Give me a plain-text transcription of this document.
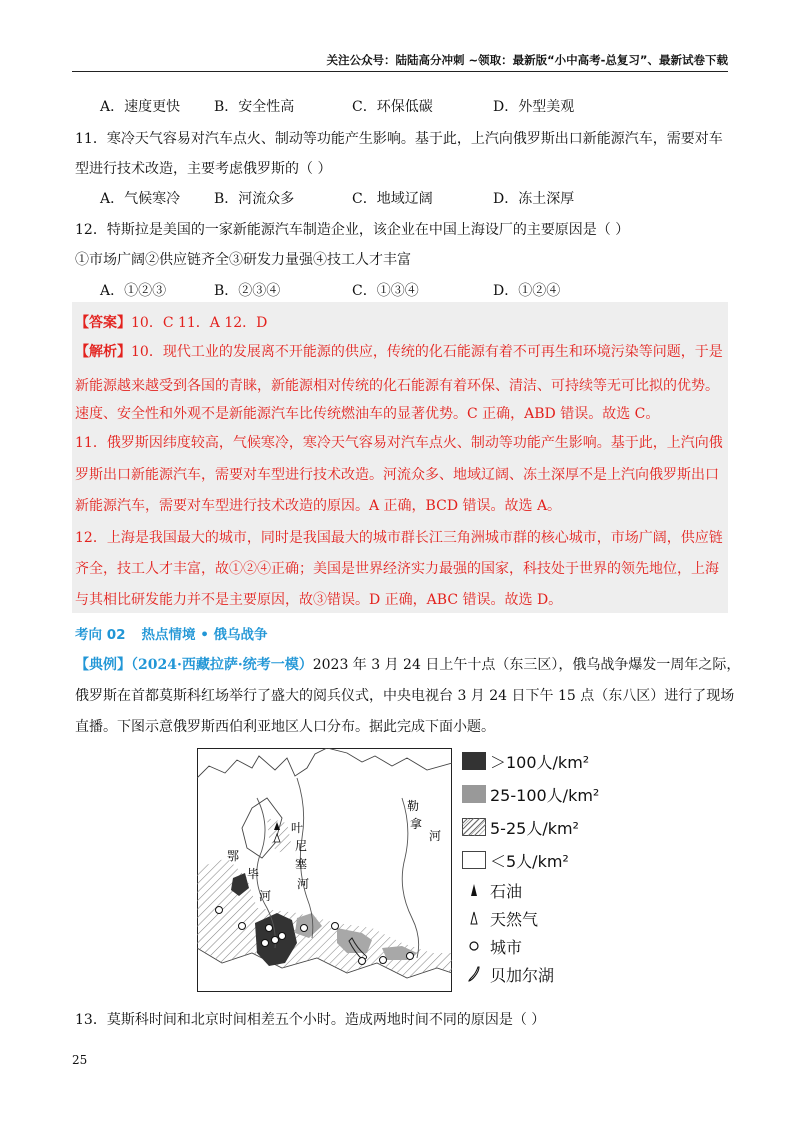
关注公众号：陆陆高分冲刺 ~领取：最新版“小中高考-总复习”、最新试卷下载
A．速度更快 B．安全性高	C．环保低碳	D．外型美观
11．寒冷天气容易对汽车点火、制动等功能产生影响。基于此，上汽向俄罗斯出口新能源汽车，需要对车
型进行技术改造，主要考虑俄罗斯的（ ）
A．气候寒冷 B．河流众多	C．地域辽阔	D．冻土深厚
12．特斯拉是美国的一家新能源汽车制造企业，该企业在中国上海设厂的主要原因是（ ）
①市场广阔②供应链齐全③研发力量强④技工人才丰富
A．①②③	B．②③④	C．①③④	D．①②④
【答案】10．C 11．A 12．D
【解析】10．现代工业的发展离不开能源的供应，传统的化石能源有着不可再生和环境污染等问题，于是
新能源越来越受到各国的青睐，新能源相对传统的化石能源有着环保、清洁、可持续等无可比拟的优势。
速度、安全性和外观不是新能源汽车比传统燃油车的显著优势。C 正确，ABD 错误。故选 C。
11．俄罗斯因纬度较高，气候寒冷，寒冷天气容易对汽车点火、制动等功能产生影响。基于此，上汽向俄
罗斯出口新能源汽车，需要对车型进行技术改造。河流众多、地域辽阔、冻土深厚不是上汽向俄罗斯出口
新能源汽车，需要对车型进行技术改造的原因。A 正确，BCD 错误。故选 A。
12．上海是我国最大的城市，同时是我国最大的城市群长江三角洲城市群的核心城市，市场广阔，供应链
齐全，技工人才丰富，故①②④正确；美国是世界经济实力最强的国家，科技处于世界的领先地位，上海
与其相比研发能力并不是主要原因，故③错误。D 正确，ABC 错误。故选 D。
考向 02 热点情境 • 俄乌战争
【典例】（2024·西藏拉萨·统考一模）2023 年 3 月 24 日上午十点（东三区），俄乌战争爆发一周年之际，
俄罗斯在首都莫斯科红场举行了盛大的阅兵仪式，中央电视台 3 月 24 日下午 15 点（东八区）进行了现场
直播。下图示意俄罗斯西伯利亚地区人口分布。据此完成下面小题。
鄂
毕
河
叶
尼
塞
河
勒
拿
河
＞100人/km²
25-100人/km²
5-25人/km²
＜5人/km²
石油
天然气
城市
贝加尔湖
13．莫斯科时间和北京时间相差五个小时。造成两地时间不同的原因是（ ）
25
